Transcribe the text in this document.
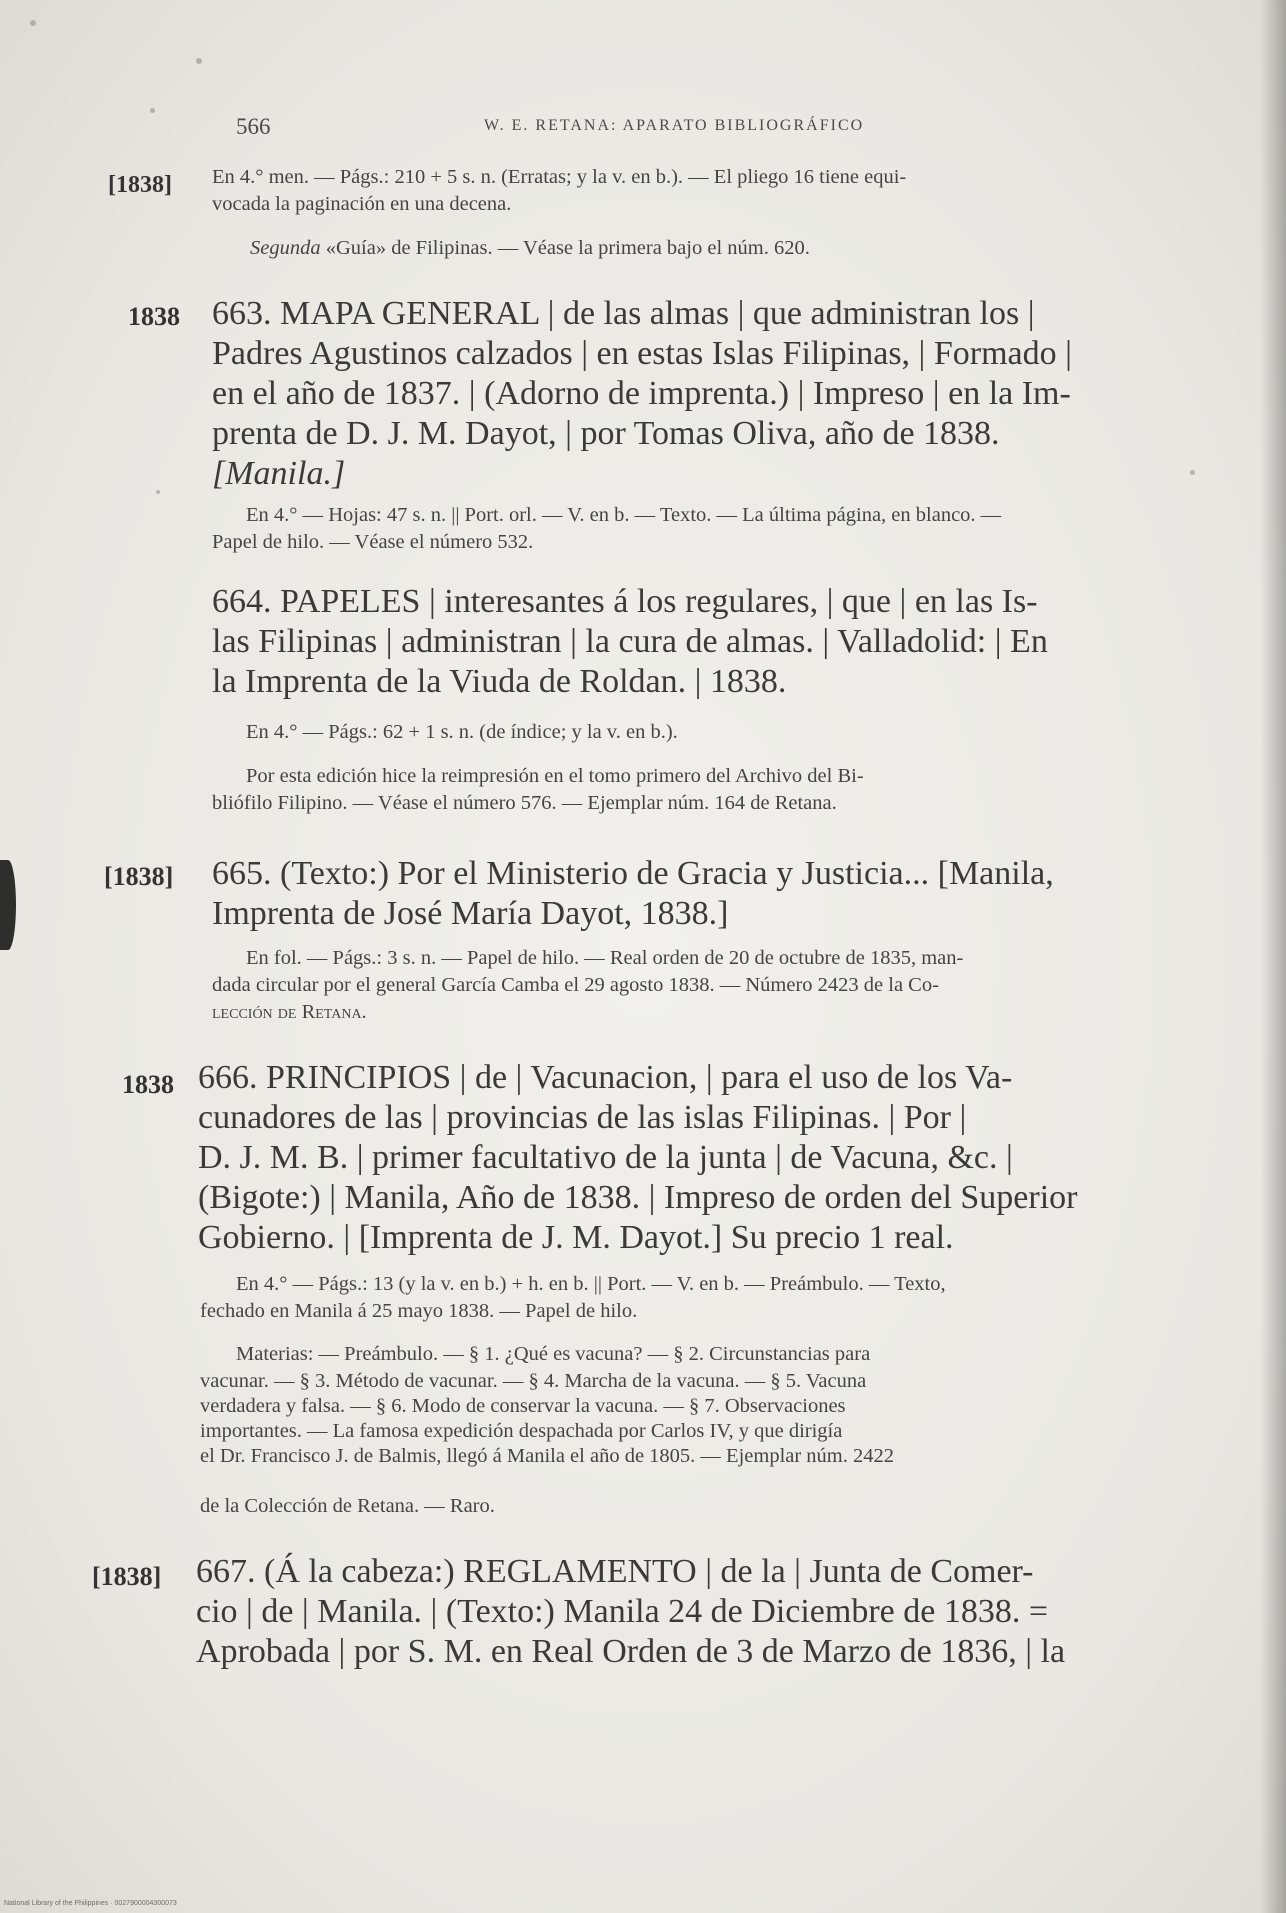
566	W. E. RETANA: APARATO BIBLIOGRÁFICO
[1838] En 4.° men. — Págs.: 210 + 5 s. n. (Erratas; y la v. en b.). — El pliego 16 tiene equi-
vocada la paginación en una decena.
Segunda «Guía» de Filipinas. — Véase la primera bajo el núm. 620.
1838 663. MAPA GENERAL | de las almas | que administran los |
Padres Agustinos calzados | en estas Islas Filipinas, | Formado |
en el año de 1837. | (Adorno de imprenta.) | Impreso | en la Im-
prenta de D. J. M. Dayot, | por Tomas Oliva, año de 1838.
[Manila.]
En 4.° — Hojas: 47 s. n. || Port. orl. — V. en b. — Texto. — La última página, en blanco. —
Papel de hilo. — Véase el número 532.
664. PAPELES | interesantes á los regulares, | que | en las Is-
las Filipinas | administran | la cura de almas. | Valladolid: | En
la Imprenta de la Viuda de Roldan. | 1838.
En 4.° — Págs.: 62 + 1 s. n. (de índice; y la v. en b.).
Por esta edición hice la reimpresión en el tomo primero del Archivo del Bi-
bliófilo Filipino. — Véase el número 576. — Ejemplar núm. 164 de Retana.
[1838] 665. (Texto:) Por el Ministerio de Gracia y Justicia... [Manila,
Imprenta de José María Dayot, 1838.]
En fol. — Págs.: 3 s. n. — Papel de hilo. — Real orden de 20 de octubre de 1835, man-
dada circular por el general García Camba el 29 agosto 1838. — Número 2423 de la Co-
lección de Retana.
1838 666. PRINCIPIOS | de | Vacunacion, | para el uso de los Va-
cunadores de las | provincias de las islas Filipinas. | Por |
D. J. M. B. | primer facultativo de la junta | de Vacuna, &c. |
(Bigote:) | Manila, Año de 1838. | Impreso de orden del Superior
Gobierno. | [Imprenta de J. M. Dayot.] Su precio 1 real.
En 4.° — Págs.: 13 (y la v. en b.) + h. en b. || Port. — V. en b. — Preámbulo. — Texto,
fechado en Manila á 25 mayo 1838. — Papel de hilo.
Materias: — Preámbulo. — § 1. ¿Qué es vacuna? — § 2. Circunstancias para
vacunar. — § 3. Método de vacunar. — § 4. Marcha de la vacuna. — § 5. Vacuna
verdadera y falsa. — § 6. Modo de conservar la vacuna. — § 7. Observaciones
importantes. — La famosa expedición despachada por Carlos IV, y que dirigía
el Dr. Francisco J. de Balmis, llegó á Manila el año de 1805. — Ejemplar núm. 2422
de la Colección de Retana. — Raro.
[1838] 667. (Á la cabeza:) REGLAMENTO | de la | Junta de Comer-
cio | de | Manila. | (Texto:) Manila 24 de Diciembre de 1838. =
Aprobada | por S. M. en Real Orden de 3 de Marzo de 1836, | la
National Library of the Philippines · 0027900004300073
